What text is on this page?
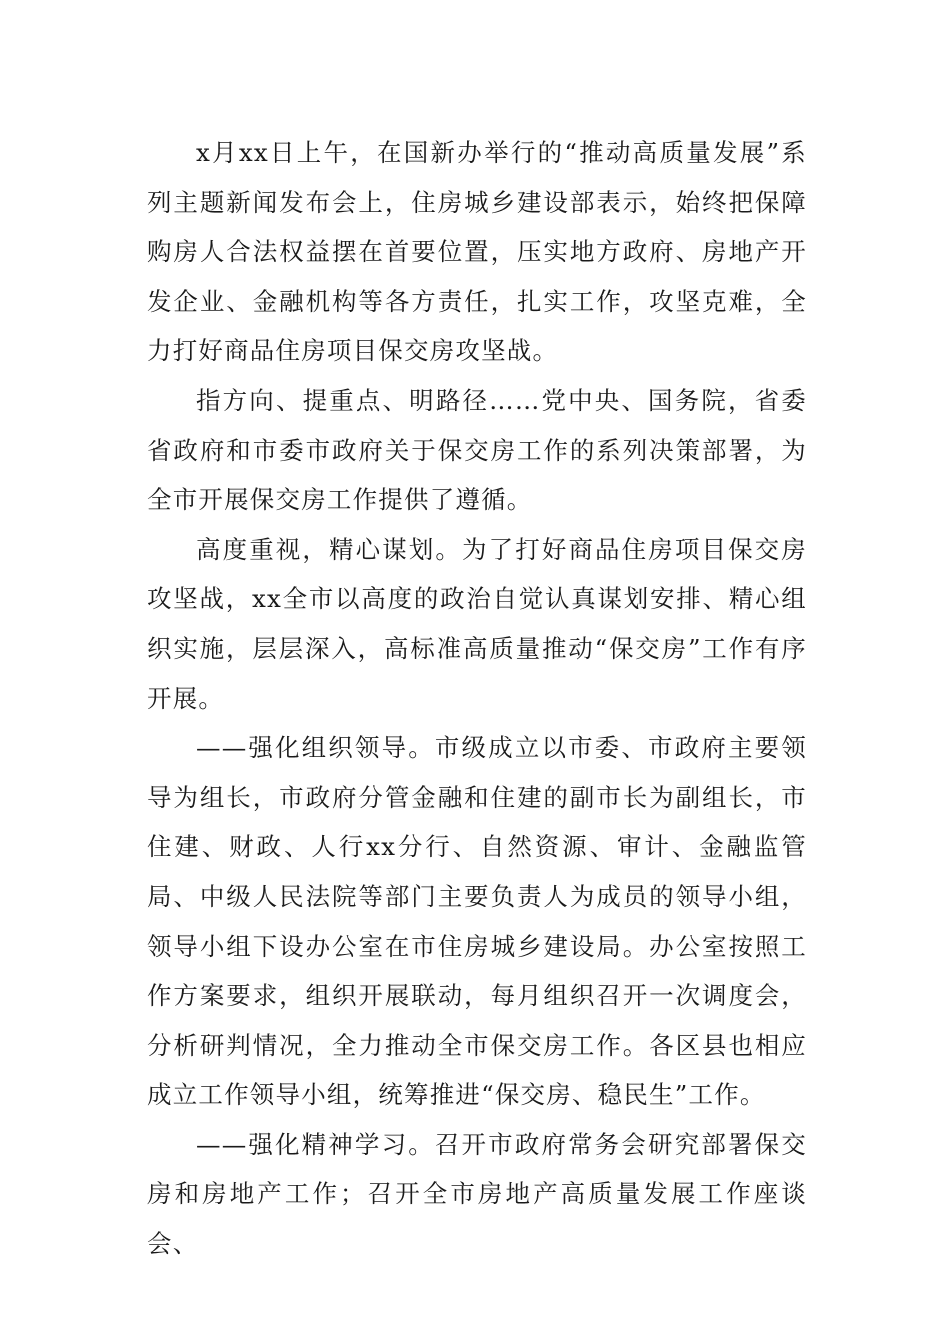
x月xx日上午，在国新办举行的“推动高质量发展”系列主题新闻发布会上，住房城乡建设部表示，始终把保障购房人合法权益摆在首要位置，压实地方政府、房地产开发企业、金融机构等各方责任，扎实工作，攻坚克难，全力打好商品住房项目保交房攻坚战。

指方向、提重点、明路径……党中央、国务院，省委省政府和市委市政府关于保交房工作的系列决策部署，为全市开展保交房工作提供了遵循。

高度重视，精心谋划。为了打好商品住房项目保交房攻坚战，xx全市以高度的政治自觉认真谋划安排、精心组织实施，层层深入，高标准高质量推动“保交房”工作有序开展。

——强化组织领导。市级成立以市委、市政府主要领导为组长，市政府分管金融和住建的副市长为副组长，市住建、财政、人行xx分行、自然资源、审计、金融监管局、中级人民法院等部门主要负责人为成员的领导小组，领导小组下设办公室在市住房城乡建设局。办公室按照工作方案要求，组织开展联动，每月组织召开一次调度会，分析研判情况，全力推动全市保交房工作。各区县也相应成立工作领导小组，统筹推进“保交房、稳民生”工作。

——强化精神学习。召开市政府常务会研究部署保交房和房地产工作；召开全市房地产高质量发展工作座谈会、
